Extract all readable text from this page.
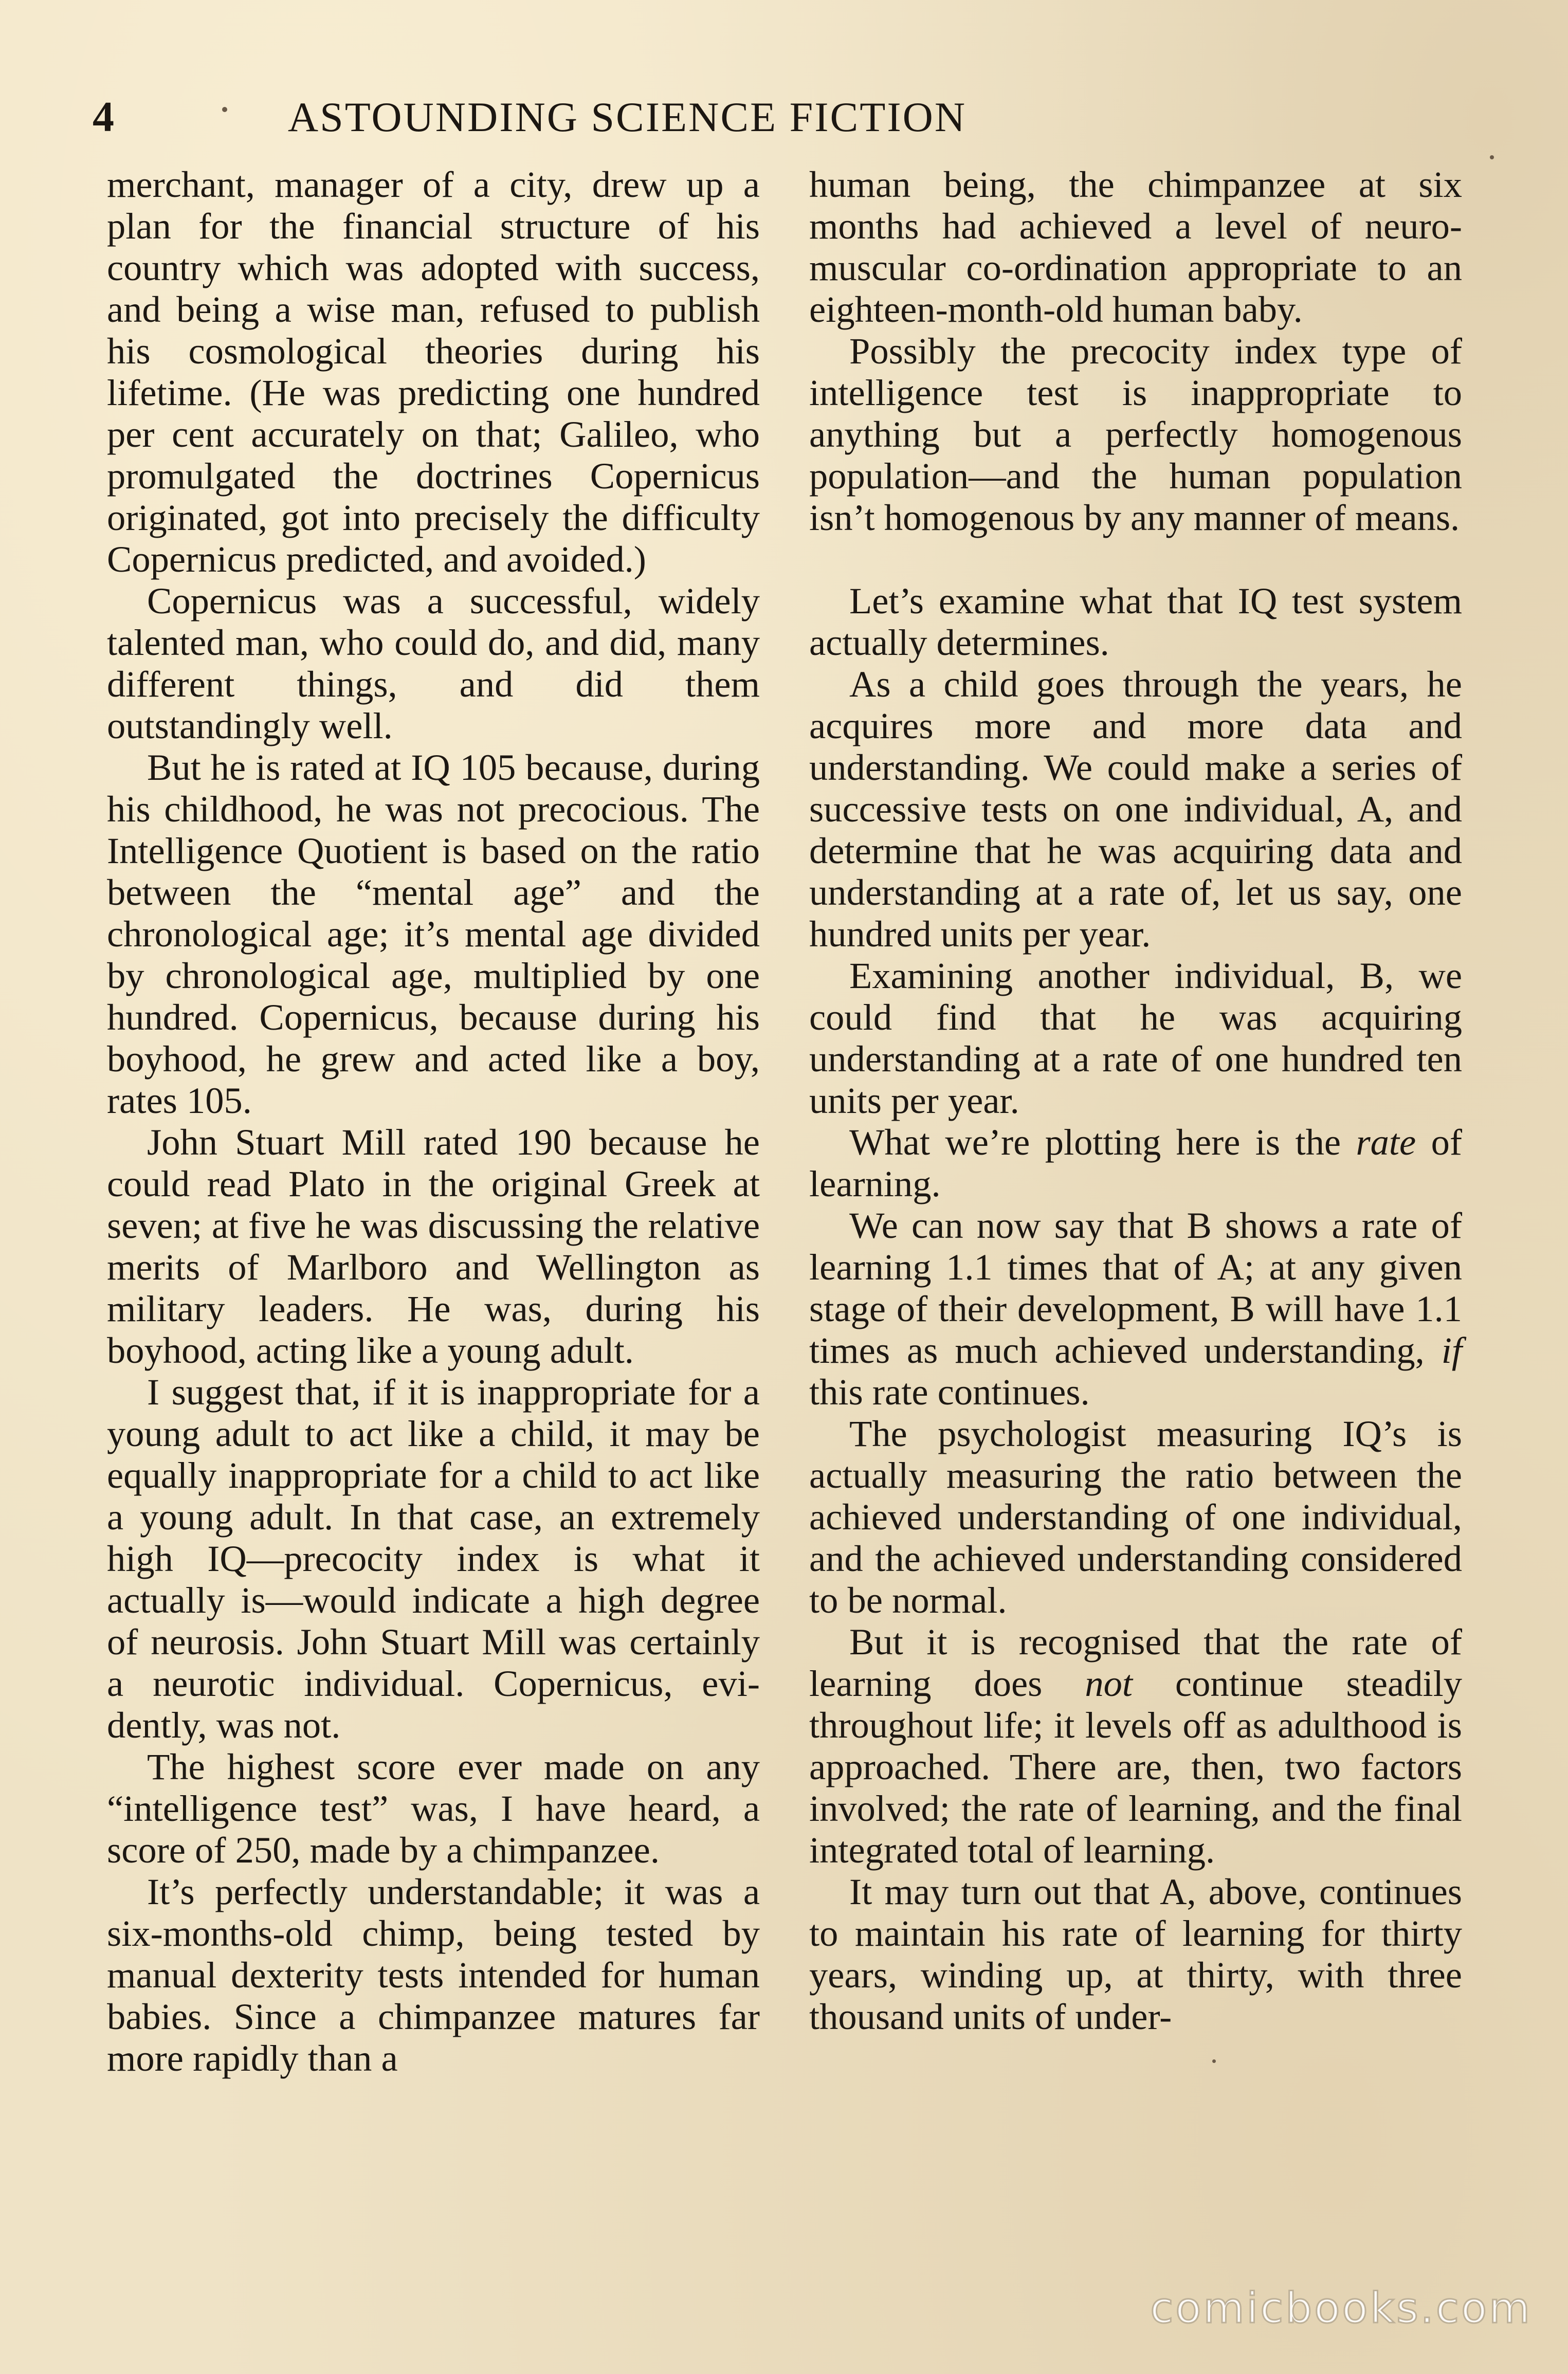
4	ASTOUNDING SCIENCE FICTION

merchant, manager of a city, drew up a plan for the financial structure of his country which was adopted with success, and being a wise man, refused to publish his cosmological theories during his lifetime. (He was predicting one hundred per cent accurately on that; Galileo, who promulgated the doctrines Copernicus originated, got into precisely the difficulty Copernicus predicted, and avoided.)

Copernicus was a successful, widely talented man, who could do, and did, many different things, and did them outstandingly well.

But he is rated at IQ 105 because, during his childhood, he was not precocious. The Intelligence Quotient is based on the ratio between the “mental age” and the chronological age; it’s mental age divided by chronological age, multiplied by one hundred. Copernicus, because during his boyhood, he grew and acted like a boy, rates 105.

John Stuart Mill rated 190 because he could read Plato in the original Greek at seven; at five he was discussing the relative merits of Marlboro and Wellington as military leaders. He was, during his boyhood, acting like a young adult.

I suggest that, if it is inappropriate for a young adult to act like a child, it may be equally inappropriate for a child to act like a young adult. In that case, an extremely high IQ—precocity index is what it actually is—would indicate a high degree of neurosis. John Stuart Mill was certainly a neurotic individual. Copernicus, evidently, was not.

The highest score ever made on any “intelligence test” was, I have heard, a score of 250, made by a chimpanzee.

It’s perfectly understandable; it was a six-months-old chimp, being tested by manual dexterity tests intended for human babies. Since a chimpanzee matures far more rapidly than a

human being, the chimpanzee at six months had achieved a level of neuromuscular co-ordination appropriate to an eighteen-month-old human baby.

Possibly the precocity index type of intelligence test is inappropriate to anything but a perfectly homogenous population—and the human population isn’t homogenous by any manner of means.

Let’s examine what that IQ test system actually determines.

As a child goes through the years, he acquires more and more data and understanding. We could make a series of successive tests on one individual, A, and determine that he was acquiring data and understanding at a rate of, let us say, one hundred units per year.

Examining another individual, B, we could find that he was acquiring understanding at a rate of one hundred ten units per year.

What we’re plotting here is the rate of learning.

We can now say that B shows a rate of learning 1.1 times that of A; at any given stage of their development, B will have 1.1 times as much achieved understanding, if this rate continues.

The psychologist measuring IQ’s is actually measuring the ratio between the achieved understanding of one individual, and the achieved understanding considered to be normal.

But it is recognised that the rate of learning does not continue steadily throughout life; it levels off as adulthood is approached. There are, then, two factors involved; the rate of learning, and the final integrated total of learning.

It may turn out that A, above, continues to maintain his rate of learning for thirty years, winding up, at thirty, with three thousand units of under-

comicbooks.com
